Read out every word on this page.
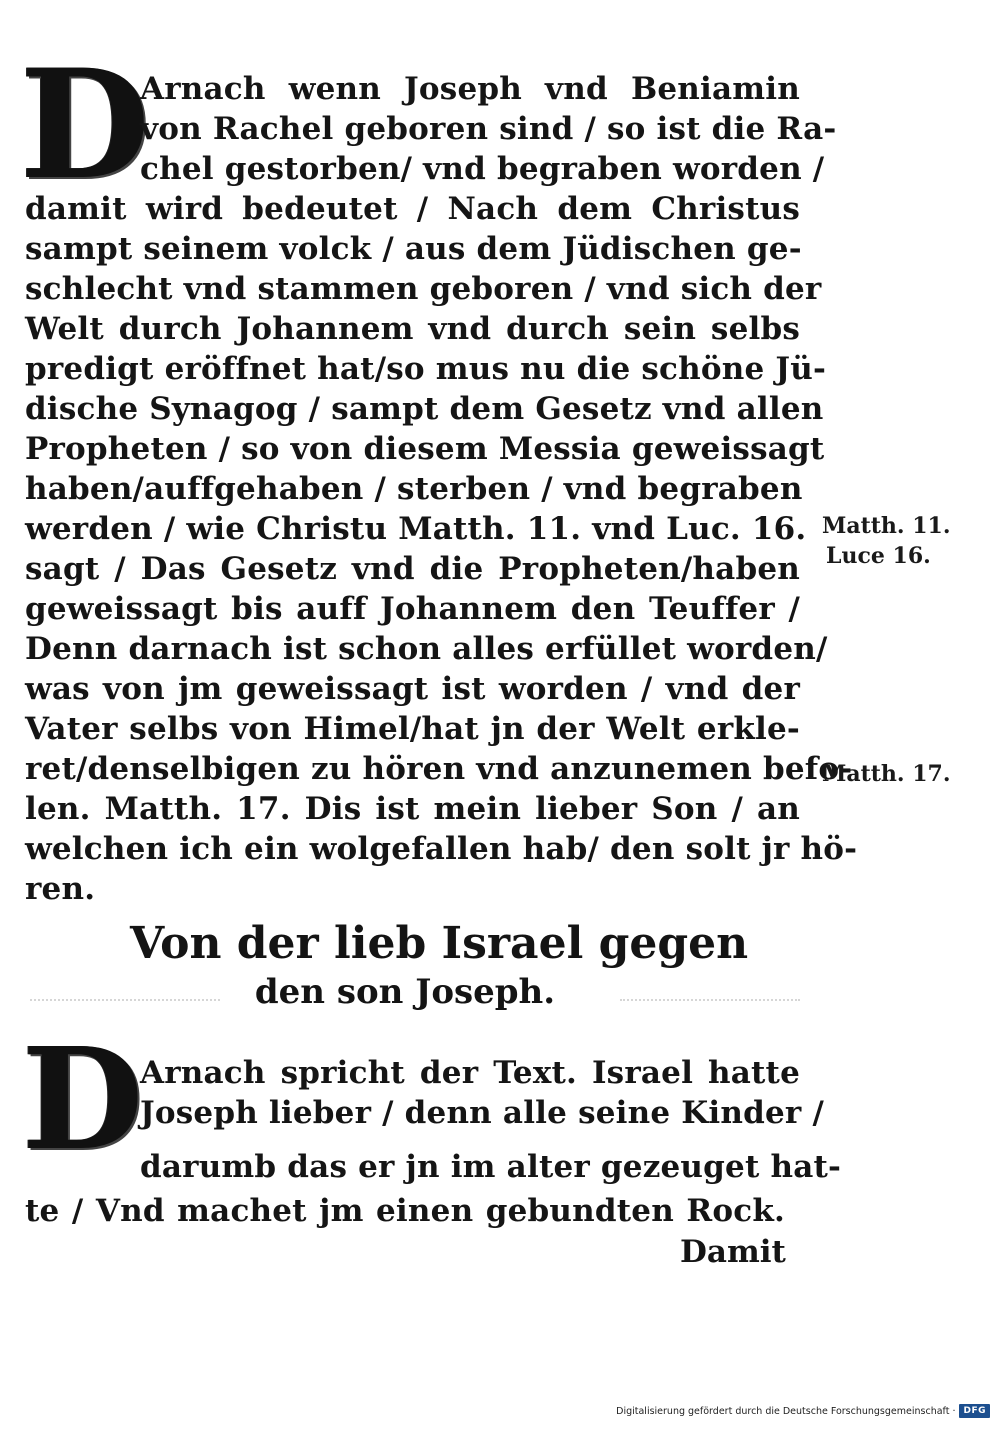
D
Arnach wenn Joseph vnd Beniamin
von Rachel geboren sind / so ist die Ra-
chel gestorben/ vnd begraben worden /
damit wird bedeutet / Nach dem Christus
sampt seinem volck / aus dem Jüdischen ge-
schlecht vnd stammen geboren / vnd sich der
Welt durch Johannem vnd durch sein selbs
predigt eröffnet hat/so mus nu die schöne Jü-
dische Synagog / sampt dem Gesetz vnd allen
Propheten / so von diesem Messia geweissagt
haben/auffgehaben / sterben / vnd begraben
werden / wie Christu Matth. 11. vnd Luc. 16.
sagt / Das Gesetz vnd die Propheten/haben
geweissagt bis auff Johannem den Teuffer /
Denn darnach ist schon alles erfüllet worden/
was von jm geweissagt ist worden / vnd der
Vater selbs von Himel/hat jn der Welt erkle-
ret/denselbigen zu hören vnd anzunemen befo-
len. Matth. 17. Dis ist mein lieber Son / an
welchen ich ein wolgefallen hab/ den solt jr hö-
ren.
Matth. 11.
Luce 16.
Matth. 17.
Von der lieb Israel gegen
den son Joseph.
D
Arnach spricht der Text. Israel hatte
Joseph lieber / denn alle seine Kinder /
darumb das er jn im alter gezeuget hat-
te / Vnd machet jm einen gebundten Rock.
Damit
Digitalisierung gefördert durch die Deutsche Forschungsgemeinschaft · DFG
